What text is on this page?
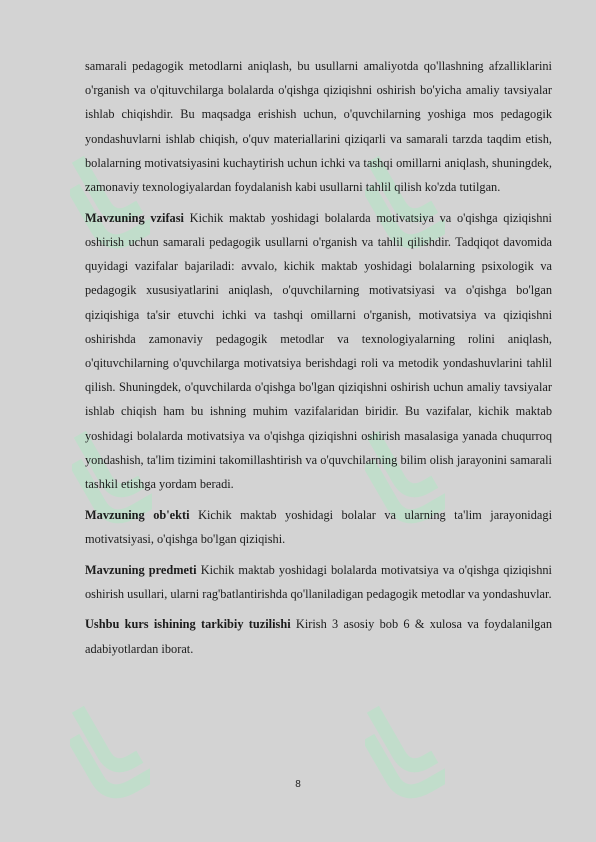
samarali pedagogik metodlarni aniqlash, bu usullarni amaliyotda qo'llashning afzalliklarini o'rganish va o'qituvchilarga bolalarda o'qishga qiziqishni oshirish bo'yicha amaliy tavsiyalar ishlab chiqishdir. Bu maqsadga erishish uchun, o'quvchilarning yoshiga mos pedagogik yondashuvlarni ishlab chiqish, o'quv materiallarini qiziqarli va samarali tarzda taqdim etish, bolalarning motivatsiyasini kuchaytirish uchun ichki va tashqi omillarni aniqlash, shuningdek, zamonaviy texnologiyalardan foydalanish kabi usullarni tahlil qilish ko'zda tutilgan.

Mavzuning vzifasi Kichik maktab yoshidagi bolalarda motivatsiya va o'qishga qiziqishni oshirish uchun samarali pedagogik usullarni o'rganish va tahlil qilishdir. Tadqiqot davomida quyidagi vazifalar bajariladi: avvalo, kichik maktab yoshidagi bolalarning psixologik va pedagogik xususiyatlarini aniqlash, o'quvchilarning motivatsiyasi va o'qishga bo'lgan qiziqishiga ta'sir etuvchi ichki va tashqi omillarni o'rganish, motivatsiya va qiziqishni oshirishda zamonaviy pedagogik metodlar va texnologiyalarning rolini aniqlash, o'qituvchilarning o'quvchilarga motivatsiya berishdagi roli va metodik yondashuvlarini tahlil qilish. Shuningdek, o'quvchilarda o'qishga bo'lgan qiziqishni oshirish uchun amaliy tavsiyalar ishlab chiqish ham bu ishning muhim vazifalaridan biridir. Bu vazifalar, kichik maktab yoshidagi bolalarda motivatsiya va o'qishga qiziqishni oshirish masalasiga yanada chuqurroq yondashish, ta'lim tizimini takomillashtirish va o'quvchilarning bilim olish jarayonini samarali tashkil etishga yordam beradi.

Mavzuning ob'ekti Kichik maktab yoshidagi bolalar va ularning ta'lim jarayonidagi motivatsiyasi, o'qishga bo'lgan qiziqishi.

Mavzuning predmeti Kichik maktab yoshidagi bolalarda motivatsiya va o'qishga qiziqishni oshirish usullari, ularni rag'batlantirishda qo'llaniladigan pedagogik metodlar va yondashuvlar.

Ushbu kurs ishining tarkibiy tuzilishi Kirish 3 asosiy bob 6 & xulosa va foydalanilgan adabiyotlardan iborat.

8
